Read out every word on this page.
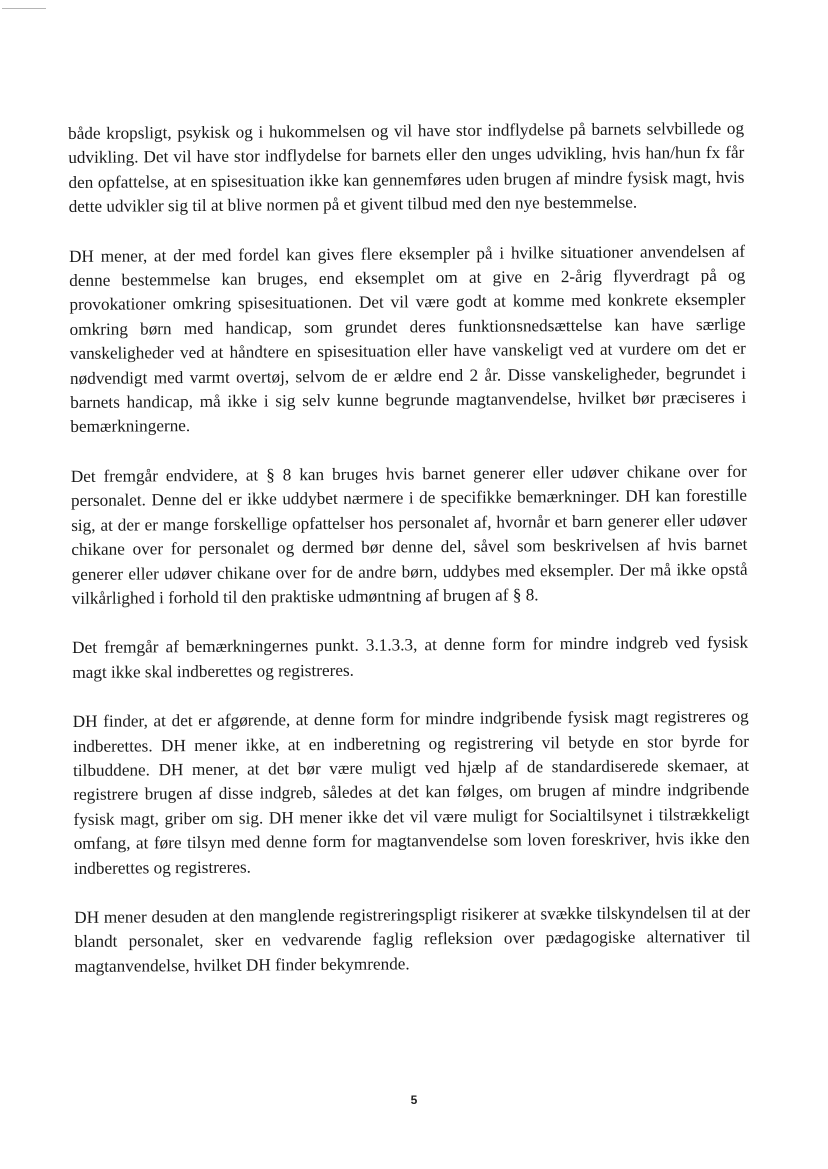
både kropsligt, psykisk og i hukommelsen og vil have stor indflydelse på barnets selvbillede og udvikling. Det vil have stor indflydelse for barnets eller den unges udvikling, hvis han/hun fx får den opfattelse, at en spisesituation ikke kan gennemføres uden brugen af mindre fysisk magt, hvis dette udvikler sig til at blive normen på et givent tilbud med den nye bestemmelse.

DH mener, at der med fordel kan gives flere eksempler på i hvilke situationer anvendelsen af denne bestemmelse kan bruges, end eksemplet om at give en 2-årig flyverdragt på og provokationer omkring spisesituationen. Det vil være godt at komme med konkrete eksempler omkring børn med handicap, som grundet deres funktionsnedsættelse kan have særlige vanskeligheder ved at håndtere en spisesituation eller have vanskeligt ved at vurdere om det er nødvendigt med varmt overtøj, selvom de er ældre end 2 år. Disse vanskeligheder, begrundet i barnets handicap, må ikke i sig selv kunne begrunde magtanvendelse, hvilket bør præciseres i bemærkningerne.

Det fremgår endvidere, at § 8 kan bruges hvis barnet generer eller udøver chikane over for personalet. Denne del er ikke uddybet nærmere i de specifikke bemærkninger. DH kan forestille sig, at der er mange forskellige opfattelser hos personalet af, hvornår et barn generer eller udøver chikane over for personalet og dermed bør denne del, såvel som beskrivelsen af hvis barnet generer eller udøver chikane over for de andre børn, uddybes med eksempler. Der må ikke opstå vilkårlighed i forhold til den praktiske udmøntning af brugen af § 8.

Det fremgår af bemærkningernes punkt. 3.1.3.3, at denne form for mindre indgreb ved fysisk magt ikke skal indberettes og registreres.

DH finder, at det er afgørende, at denne form for mindre indgribende fysisk magt registreres og indberettes. DH mener ikke, at en indberetning og registrering vil betyde en stor byrde for tilbuddene. DH mener, at det bør være muligt ved hjælp af de standardiserede skemaer, at registrere brugen af disse indgreb, således at det kan følges, om brugen af mindre indgribende fysisk magt, griber om sig. DH mener ikke det vil være muligt for Socialtilsynet i tilstrækkeligt omfang, at føre tilsyn med denne form for magtanvendelse som loven foreskriver, hvis ikke den indberettes og registreres.

DH mener desuden at den manglende registreringspligt risikerer at svække tilskyndelsen til at der blandt personalet, sker en vedvarende faglig refleksion over pædagogiske alternativer til magtanvendelse, hvilket DH finder bekymrende.

5
